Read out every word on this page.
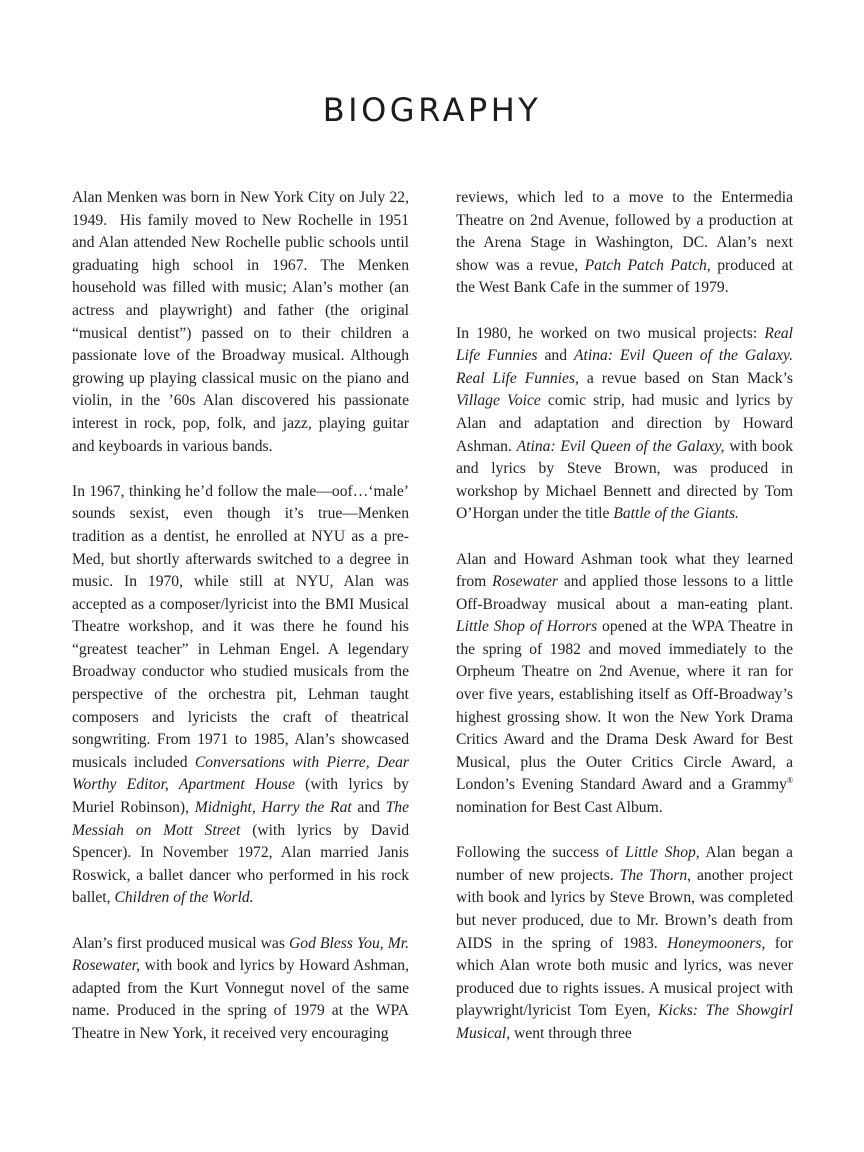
BIOGRAPHY

Alan Menken was born in New York City on July 22, 1949.  His family moved to New Rochelle in 1951 and Alan attended New Rochelle public schools until graduating high school in 1967. The Menken household was filled with music; Alan’s mother (an actress and playwright) and father (the original “musical dentist”) passed on to their children a passionate love of the Broadway musical. Although growing up playing classical music on the piano and violin, in the ’60s Alan discovered his passionate interest in rock, pop, folk, and jazz, playing guitar and keyboards in various bands.

In 1967, thinking he’d follow the male—oof…‘male’ sounds sexist, even though it’s true—Menken tradition as a dentist, he enrolled at NYU as a pre-Med, but shortly afterwards switched to a degree in music. In 1970, while still at NYU, Alan was accepted as a composer/lyricist into the BMI Musical Theatre workshop, and it was there he found his “greatest teacher” in Lehman Engel. A legendary Broadway conductor who studied musicals from the perspective of the orchestra pit, Lehman taught composers and lyricists the craft of theatrical songwriting. From 1971 to 1985, Alan’s showcased musicals included Conversations with Pierre, Dear Worthy Editor, Apartment House (with lyrics by Muriel Robinson), Midnight, Harry the Rat and The Messiah on Mott Street (with lyrics by David Spencer). In November 1972, Alan married Janis Roswick, a ballet dancer who performed in his rock ballet, Children of the World.

Alan’s first produced musical was God Bless You, Mr. Rosewater, with book and lyrics by Howard Ashman, adapted from the Kurt Vonnegut novel of the same name. Produced in the spring of 1979 at the WPA Theatre in New York, it received very encouraging

reviews, which led to a move to the Entermedia Theatre on 2nd Avenue, followed by a production at the Arena Stage in Washington, DC. Alan’s next show was a revue, Patch Patch Patch, produced at the West Bank Cafe in the summer of 1979.

In 1980, he worked on two musical projects: Real Life Funnies and Atina: Evil Queen of the Galaxy. Real Life Funnies, a revue based on Stan Mack’s Village Voice comic strip, had music and lyrics by Alan and adaptation and direction by Howard Ashman. Atina: Evil Queen of the Galaxy, with book and lyrics by Steve Brown, was produced in workshop by Michael Bennett and directed by Tom O’Horgan under the title Battle of the Giants.

Alan and Howard Ashman took what they learned from Rosewater and applied those lessons to a little Off-Broadway musical about a man-eating plant. Little Shop of Horrors opened at the WPA Theatre in the spring of 1982 and moved immediately to the Orpheum Theatre on 2nd Avenue, where it ran for over five years, establishing itself as Off-Broadway’s highest grossing show. It won the New York Drama Critics Award and the Drama Desk Award for Best Musical, plus the Outer Critics Circle Award, a London’s Evening Standard Award and a Grammy® nomination for Best Cast Album.

Following the success of Little Shop, Alan began a number of new projects. The Thorn, another project with book and lyrics by Steve Brown, was completed but never produced, due to Mr. Brown’s death from AIDS in the spring of 1983. Honeymooners, for which Alan wrote both music and lyrics, was never produced due to rights issues. A musical project with playwright/lyricist Tom Eyen, Kicks: The Showgirl Musical, went through three
